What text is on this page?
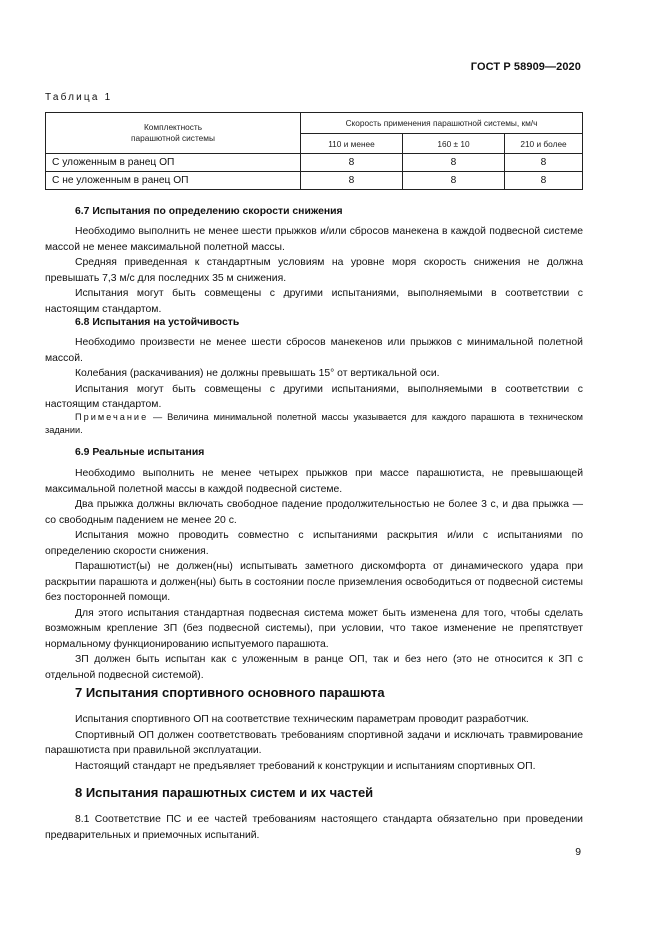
ГОСТ Р 58909—2020
Таблица 1
Комплектность
парашютной системы	Скорость применения парашютной системы, км/ч		
	110 и менее	160 ± 10	210 и более
С уложенным в ранец ОП	8	8	8
С не уложенным в ранец ОП	8	8	8
6.7 Испытания по определению скорости снижения

Необходимо выполнить не менее шести прыжков и/или сбросов манекена в каждой подвесной системе массой не менее максимальной полетной массы.

Средняя приведенная к стандартным условиям на уровне моря скорость снижения не должна превышать 7,3 м/с для последних 35 м снижения.

Испытания могут быть совмещены с другими испытаниями, выполняемыми в соответствии с настоящим стандартом.

6.8 Испытания на устойчивость

Необходимо произвести не менее шести сбросов манекенов или прыжков с минимальной полетной массой.

Колебания (раскачивания) не должны превышать 15° от вертикальной оси.

Испытания могут быть совмещены с другими испытаниями, выполняемыми в соответствии с настоящим стандартом.

Примечание — Величина минимальной полетной массы указывается для каждого парашюта в техническом задании.
6.9 Реальные испытания

Необходимо выполнить не менее четырех прыжков при массе парашютиста, не превышающей максимальной полетной массы в каждой подвесной системе.

Два прыжка должны включать свободное падение продолжительностью не более 3 с, и два прыжка — со свободным падением не менее 20 с.

Испытания можно проводить совместно с испытаниями раскрытия и/или с испытаниями по определению скорости снижения.

Парашютист(ы) не должен(ны) испытывать заметного дискомфорта от динамического удара при раскрытии парашюта и должен(ны) быть в состоянии после приземления освободиться от подвесной системы без посторонней помощи.

Для этого испытания стандартная подвесная система может быть изменена для того, чтобы сделать возможным крепление ЗП (без подвесной системы), при условии, что такое изменение не препятствует нормальному функционированию испытуемого парашюта.

ЗП должен быть испытан как с уложенным в ранце ОП, так и без него (это не относится к ЗП с отдельной подвесной системой).

7 Испытания спортивного основного парашюта

Испытания спортивного ОП на соответствие техническим параметрам проводит разработчик.

Спортивный ОП должен соответствовать требованиям спортивной задачи и исключать травмирование парашютиста при правильной эксплуатации.

Настоящий стандарт не предъявляет требований к конструкции и испытаниям спортивных ОП.

8 Испытания парашютных систем и их частей

8.1 Соответствие ПС и ее частей требованиям настоящего стандарта обязательно при проведении предварительных и приемочных испытаний.

9
